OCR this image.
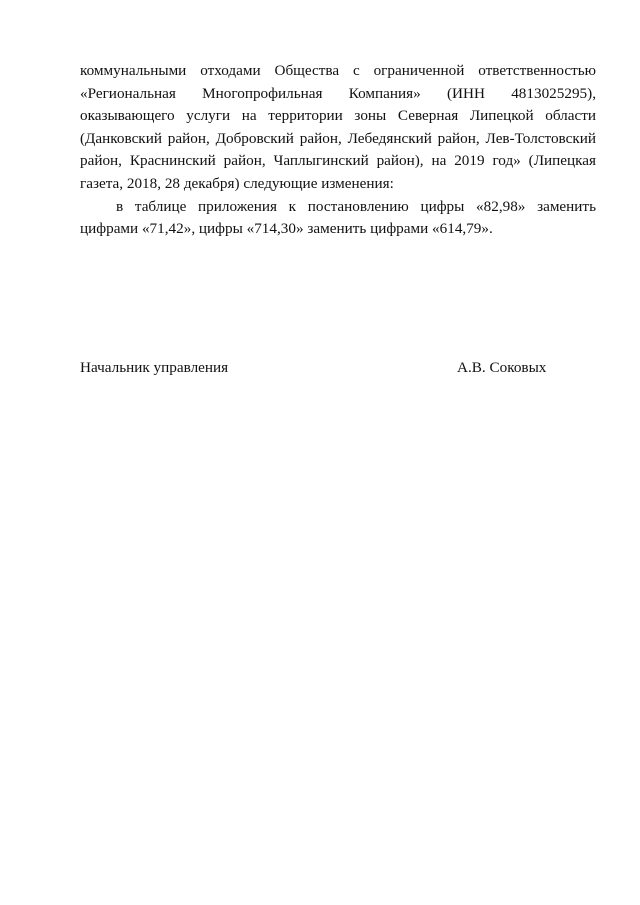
коммунальными отходами Общества с ограниченной ответственностью «Региональная Многопрофильная Компания» (ИНН 4813025295), оказывающего услуги на территории зоны Северная Липецкой области (Данковский район, Добровский район, Лебедянский район, Лев-Толстовский район, Краснинский район, Чаплыгинский район), на 2019 год» (Липецкая газета, 2018, 28 декабря) следующие изменения:

в таблице приложения к постановлению цифры «82,98» заменить цифрами «71,42», цифры «714,30» заменить цифрами «614,79».

Начальник управления	А.В. Соковых
